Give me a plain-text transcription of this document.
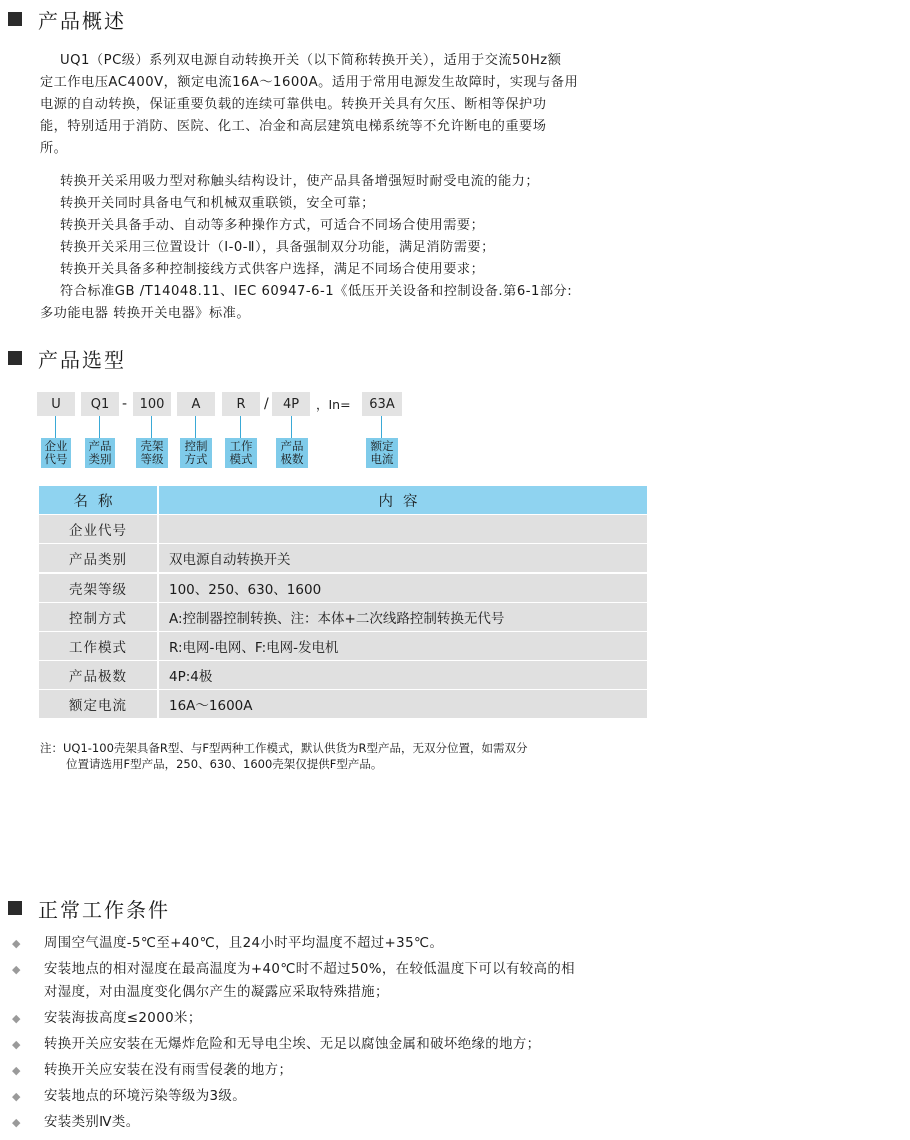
产品概述
UQ1（PC级）系列双电源自动转换开关（以下简称转换开关），适用于交流50Hz额
定工作电压AC400V，额定电流16A～1600A。适用于常用电源发生故障时，实现与备用
电源的自动转换，保证重要负载的连续可靠供电。转换开关具有欠压、断相等保护功
能，特别适用于消防、医院、化工、冶金和高层建筑电梯系统等不允许断电的重要场
所。
转换开关采用吸力型对称触头结构设计，使产品具备增强短时耐受电流的能力；
转换开关同时具备电气和机械双重联锁，安全可靠；
转换开关具备手动、自动等多种操作方式，可适合不同场合使用需要；
转换开关采用三位置设计（Ⅰ-0-Ⅱ），具备强制双分功能，满足消防需要；
转换开关具备多种控制接线方式供客户选择，满足不同场合使用要求；
符合标准GB /T14048.11、IEC 60947-6-1《低压开关设备和控制设备.第6-1部分:
多功能电器 转换开关电器》标准。
产品选型
U	Q1 - 100	A	R	/	4P	，In=	63A
企业
代号
产品
类别
壳架
等级
控制
方式
工作
模式
产品
极数
额定
电流
名称	内容
企业代号
产品类别	双电源自动转换开关
壳架等级	100、250、630、1600
控制方式	A:控制器控制转换、注：本体+二次线路控制转换无代号
工作模式	R:电网-电网、F:电网-发电机
产品极数	4P:4极
额定电流	16A～1600A
注：UQ1-100壳架具备R型、与F型两种工作模式，默认供货为R型产品，无双分位置，如需双分
位置请选用F型产品，250、630、1600壳架仅提供F型产品。
正常工作条件
◆	周围空气温度-5℃至+40℃，且24小时平均温度不超过+35℃。
◆	安装地点的相对湿度在最高温度为+40℃时不超过50%，在较低温度下可以有较高的相
对湿度，对由温度变化偶尔产生的凝露应采取特殊措施；
◆	安装海拔高度≤2000米；
◆	转换开关应安装在无爆炸危险和无导电尘埃、无足以腐蚀金属和破坏绝缘的地方；
◆	转换开关应安装在没有雨雪侵袭的地方；
◆	安装地点的环境污染等级为3级。
◆	安装类别Ⅳ类。
